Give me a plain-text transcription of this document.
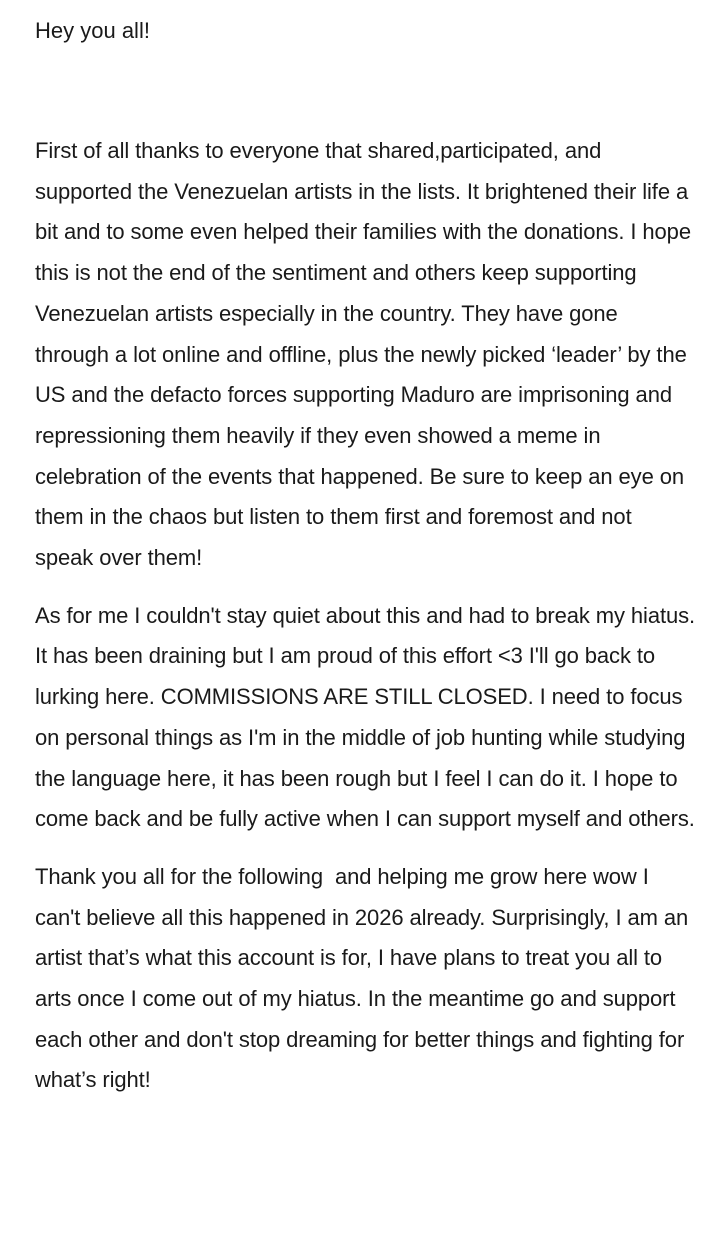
Hey you all!

First of all thanks to everyone that shared,participated, and supported the Venezuelan artists in the lists. It brightened their life a bit and to some even helped their families with the donations. I hope this is not the end of the sentiment and others keep supporting  Venezuelan artists especially in the country. They have gone through a lot online and offline, plus the newly picked ‘leader’ by the US and the defacto forces supporting Maduro are imprisoning and repressioning them heavily if they even showed a meme in celebration of the events that happened. Be sure to keep an eye on them in the chaos but listen to them first and foremost and not speak over them!

As for me I couldn't stay quiet about this and had to break my hiatus. It has been draining but I am proud of this effort <3 I'll go back to lurking here. COMMISSIONS ARE STILL CLOSED. I need to focus on personal things as I'm in the middle of job hunting while studying the language here, it has been rough but I feel I can do it. I hope to come back and be fully active when I can support myself and others.

Thank you all for the following  and helping me grow here wow I can't believe all this happened in 2026 already. Surprisingly, I am an artist that’s what this account is for, I have plans to treat you all to arts once I come out of my hiatus. In the meantime go and support each other and don't stop dreaming for better things and fighting for what’s right!
